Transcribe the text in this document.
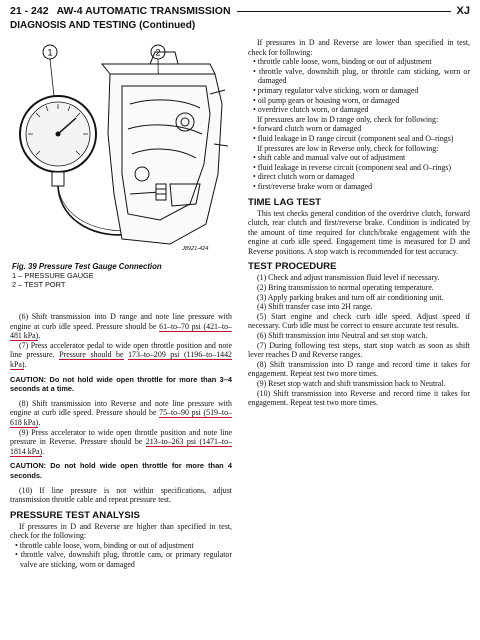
21 - 242 AW-4 AUTOMATIC TRANSMISSION	XJ
DIAGNOSIS AND TESTING (Continued)
1	2
J8921-424
Fig. 39 Pressure Test Gauge Connection
1 – PRESSURE GAUGE
2 – TEST PORT

(6) Shift transmission into D range and note line pressure with engine at curb idle speed. Pressure should be 61–to–70 psi (421–to–481 kPa).

(7) Press accelerator pedal to wide open throttle position and note line pressure. Pressure should be 173–to–209 psi (1196–to–1442 kPa).

CAUTION: Do not hold wide open throttle for more than 3–4 seconds at a time.

(8) Shift transmission into Reverse and note line pressure with engine at curb idle speed. Pressure should be 75–to–90 psi (519–to–618 kPa).

(9) Press accelerator to wide open throttle position and note line pressure in Reverse. Pressure should be 213–to–263 psi (1471–to–1814 kPa).

CAUTION: Do not hold wide open throttle for more than 4 seconds.

(10) If line pressure is not within specifications, adjust transmission throttle cable and repeat pressure test.

PRESSURE TEST ANALYSIS

If pressures in D and Reverse are higher than specified in test, check for the following:

• throttle cable loose, worn, binding or out of adjustment

• throttle valve, downshift plug, throttle cam, or primary regulator valve are sticking, worn or damaged

If pressures in D and Reverse are lower than specified in test, check for following:

• throttle cable loose, worn, binding or out of adjustment

• throttle valve, downshift plug, or throttle cam sticking, worn or damaged

• primary regulator valve sticking, worn or damaged

• oil pump gears or housing worn, or damaged

• overdrive clutch worn, or damaged

If pressures are low in D range only, check for following:

• forward clutch worn or damaged

• fluid leakage in D range circuit (component seal and O–rings)

If pressures are low in Reverse only, check for following:

• shift cable and manual valve out of adjustment

• fluid leakage in reverse circuit (component seal and O–rings)

• direct clutch worn or damaged

• first/reverse brake worn or damaged

TIME LAG TEST

This test checks general condition of the overdrive clutch, forward clutch, rear clutch and first/reverse brake. Condition is indicated by the amount of time required for clutch/brake engagement with the engine at curb idle speed. Engagement time is measured for D and Reverse positions. A stop watch is recommended for test accuracy.

TEST PROCEDURE

(1) Check and adjust transmission fluid level if necessary.

(2) Bring transmission to normal operating temperature.

(3) Apply parking brakes and turn off air conditioning unit.

(4) Shift transfer case into 2H range.

(5) Start engine and check curb idle speed. Adjust speed if necessary. Curb idle must be correct to ensure accurate test results.

(6) Shift transmission into Neutral and set stop watch.

(7) During following test steps, start stop watch as soon as shift lever reaches D and Reverse ranges.

(8) Shift transmission into D range and record time it takes for engagement. Repeat test two more times.

(9) Reset stop watch and shift transmission back to Neutral.

(10) Shift transmission into Reverse and record time it takes for engagement. Repeat test two more times.
